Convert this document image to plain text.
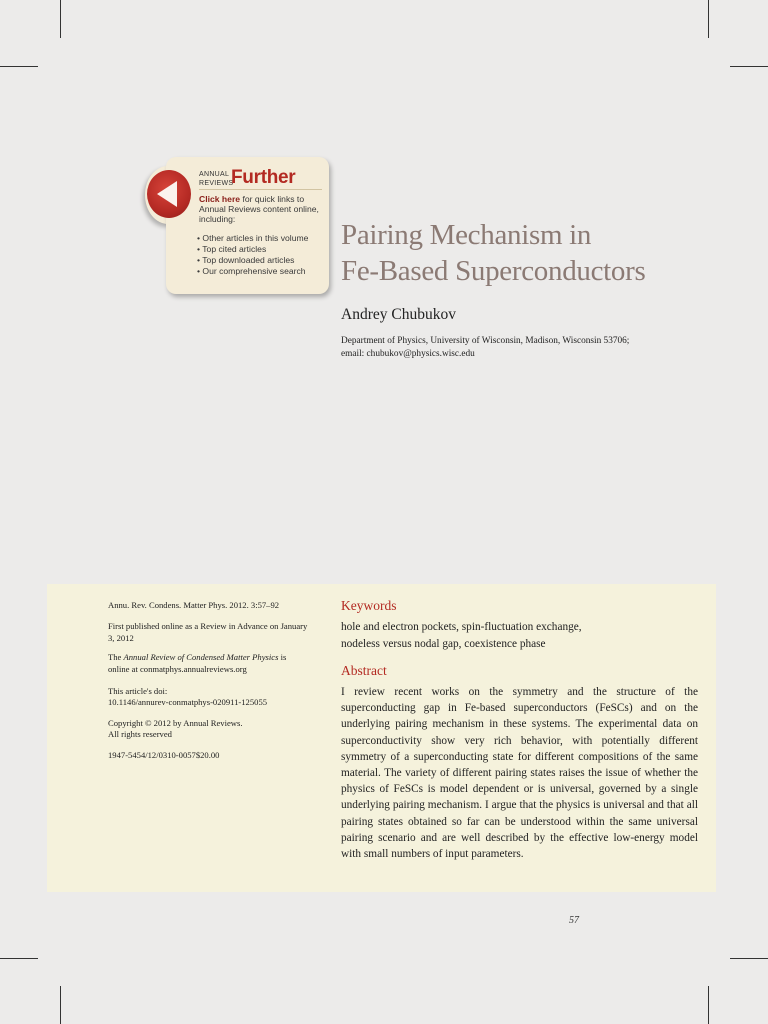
ANNUAL
REVIEWS
Further
Click here for quick links to Annual Reviews content online, including:
• Other articles in this volume
• Top cited articles
• Top downloaded articles
• Our comprehensive search
Pairing Mechanism in
Fe-Based Superconductors
Andrey Chubukov
Department of Physics, University of Wisconsin, Madison, Wisconsin 53706;
email: chubukov@physics.wisc.edu
Annu. Rev. Condens. Matter Phys. 2012. 3:57–92
First published online as a Review in Advance on January 3, 2012
The Annual Review of Condensed Matter Physics is online at conmatphys.annualreviews.org
This article's doi:
10.1146/annurev-conmatphys-020911-125055
Copyright © 2012 by Annual Reviews.
All rights reserved
1947-5454/12/0310-0057$20.00
Keywords
hole and electron pockets, spin-fluctuation exchange,
nodeless versus nodal gap, coexistence phase
Abstract
I review recent works on the symmetry and the structure of the superconducting gap in Fe-based superconductors (FeSCs) and on the underlying pairing mechanism in these systems. The experimental data on superconductivity show very rich behavior, with potentially different symmetry of a superconducting state for different compositions of the same material. The variety of different pairing states raises the issue of whether the physics of FeSCs is model dependent or is universal, governed by a single underlying pairing mechanism. I argue that the physics is universal and that all pairing states obtained so far can be understood within the same universal pairing scenario and are well described by the effective low-energy model with small numbers of input parameters.
57
